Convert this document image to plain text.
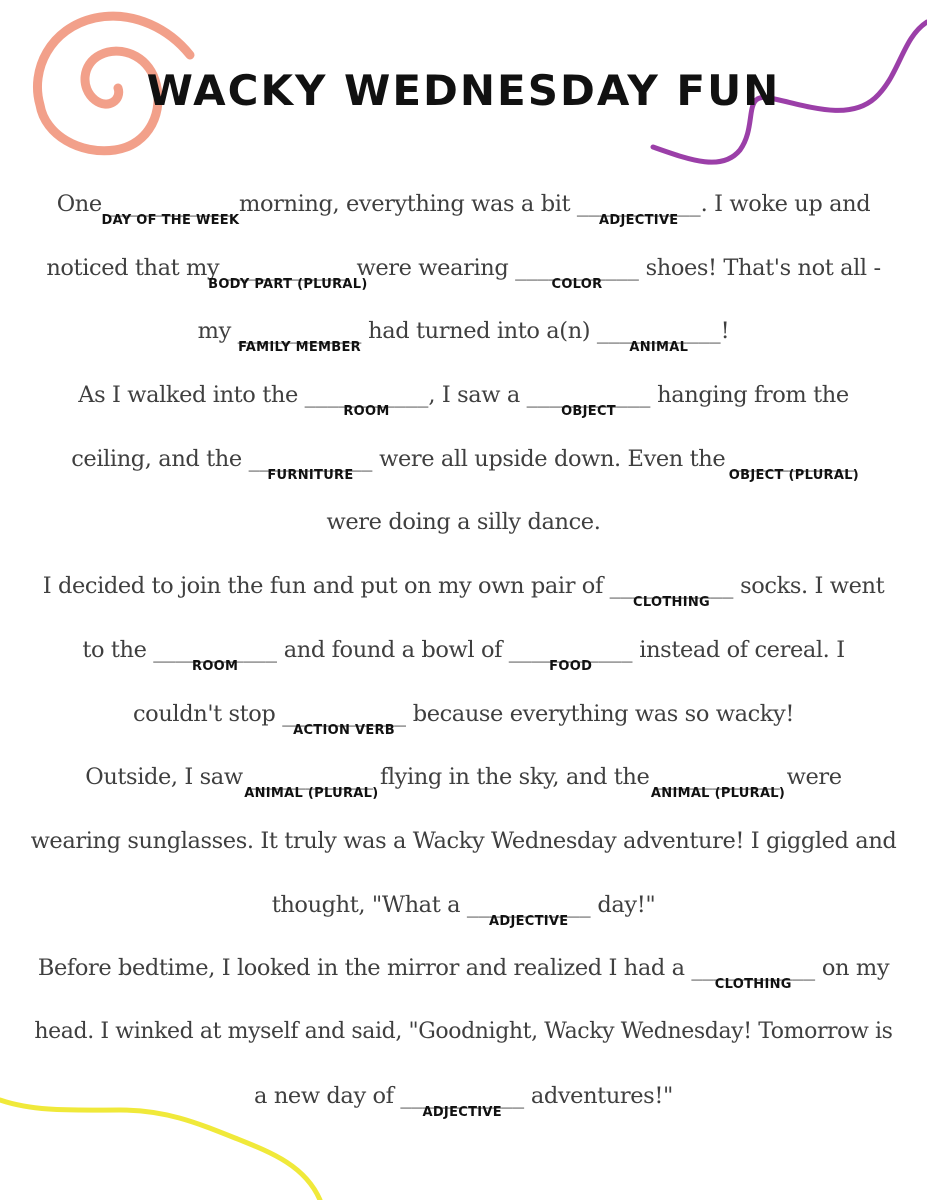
WACKY WEDNESDAY FUN
One ___________
DAY OF THE WEEK
morning, everything was a bit ___________
ADJECTIVE
. I woke up and
noticed that my ___________
BODY PART (PLURAL)
were wearing ___________
COLOR
shoes! That's not all -
my ___________
FAMILY MEMBER
had turned into a(n) ___________
ANIMAL
!
As I walked into the ___________
ROOM
, I saw a ___________
OBJECT
hanging from the
ceiling, and the ___________
FURNITURE
were all upside down. Even the ___________
OBJECT (PLURAL)
were doing a silly dance.
I decided to join the fun and put on my own pair of ___________
CLOTHING
socks. I went
to the ___________
ROOM
and found a bowl of ___________
FOOD
instead of cereal. I
couldn't stop ___________
ACTION VERB
because everything was so wacky!
Outside, I saw ___________
ANIMAL (PLURAL)
flying in the sky, and the ___________
ANIMAL (PLURAL)
were
wearing sunglasses. It truly was a Wacky Wednesday adventure! I giggled and
thought, "What a ___________
ADJECTIVE
day!"
Before bedtime, I looked in the mirror and realized I had a ___________
CLOTHING
on my
head. I winked at myself and said, "Goodnight, Wacky Wednesday! Tomorrow is
a new day of ___________
ADJECTIVE
adventures!"
